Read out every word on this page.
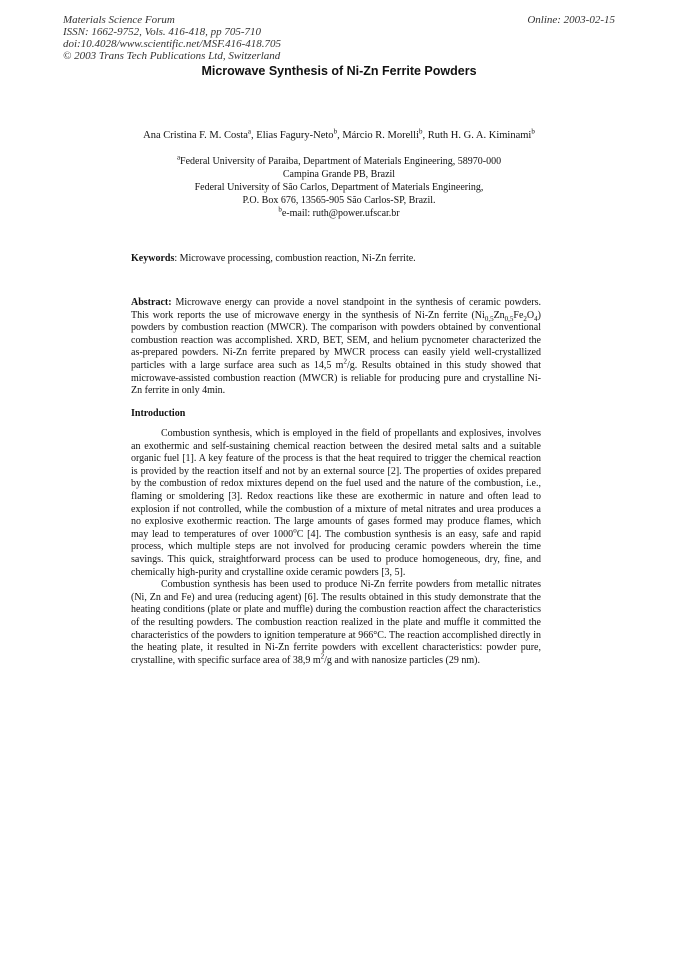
Materials Science Forum
ISSN: 1662-9752, Vols. 416-418, pp 705-710
doi:10.4028/www.scientific.net/MSF.416-418.705
© 2003 Trans Tech Publications Ltd, Switzerland
Online: 2003-02-15
Microwave Synthesis of Ni-Zn Ferrite Powders
Ana Cristina F. M. Costa$^a$, Elias Fagury-Neto$^b$, Márcio R. Morelli$^b$, Ruth H. G. A. Kiminami$^b$
$^a$Federal University of Paraiba, Department of Materials Engineering, 58970-000
Campina Grande PB, Brazil
Federal University of São Carlos, Department of Materials Engineering,
P.O. Box 676, 13565-905 São Carlos-SP, Brazil.
$^b$e-mail: ruth@power.ufscar.br
Keywords: Microwave processing, combustion reaction, Ni-Zn ferrite.
Abstract: Microwave energy can provide a novel standpoint in the synthesis of ceramic powders. This work reports the use of microwave energy in the synthesis of Ni-Zn ferrite $(Ni_{0,5}Zn_{0,5}Fe_2O_4)$ powders by combustion reaction (MWCR). The comparison with powders obtained by conventional combustion reaction was accomplished. XRD, BET, SEM, and helium pycnometer characterized the as-prepared powders. Ni-Zn ferrite prepared by MWCR process can easily yield well-crystallized particles with a large surface area such as 14,5 $m^2/g$. Results obtained in this study showed that microwave-assisted combustion reaction (MWCR) is reliable for producing pure and crystalline Ni-Zn ferrite in only 4min.
Introduction

Combustion synthesis, which is employed in the field of propellants and explosives, involves an exothermic and self-sustaining chemical reaction between the desired metal salts and a suitable organic fuel [1]. A key feature of the process is that the heat required to trigger the chemical reaction is provided by the reaction itself and not by an external source [2]. The properties of oxides prepared by the combustion of redox mixtures depend on the fuel used and the nature of the combustion, i.e., flaming or smoldering [3]. Redox reactions like these are exothermic in nature and often lead to explosion if not controlled, while the combustion of a mixture of metal nitrates and urea produces a no explosive exothermic reaction. The large amounts of gases formed may produce flames, which may lead to temperatures of over 1000$^o$C [4]. The combustion synthesis is an easy, safe and rapid process, which multiple steps are not involved for producing ceramic powders wherein the time savings. This quick, straightforward process can be used to produce homogeneous, dry, fine, and chemically high-purity and crystalline oxide ceramic powders [3, 5].

Combustion synthesis has been used to produce Ni-Zn ferrite powders from metallic nitrates (Ni, Zn and Fe) and urea (reducing agent) [6]. The results obtained in this study demonstrate that the heating conditions (plate or plate and muffle) during the combustion reaction affect the characteristics of the resulting powders. The combustion reaction realized in the plate and muffle it committed the characteristics of the powders to ignition temperature at 966°C. The reaction accomplished directly in the heating plate, it resulted in Ni-Zn ferrite powders with excellent characteristics: powder pure, crystalline, with specific surface area of 38,9 $m^2/g$ and with nanosize particles (29 nm).
